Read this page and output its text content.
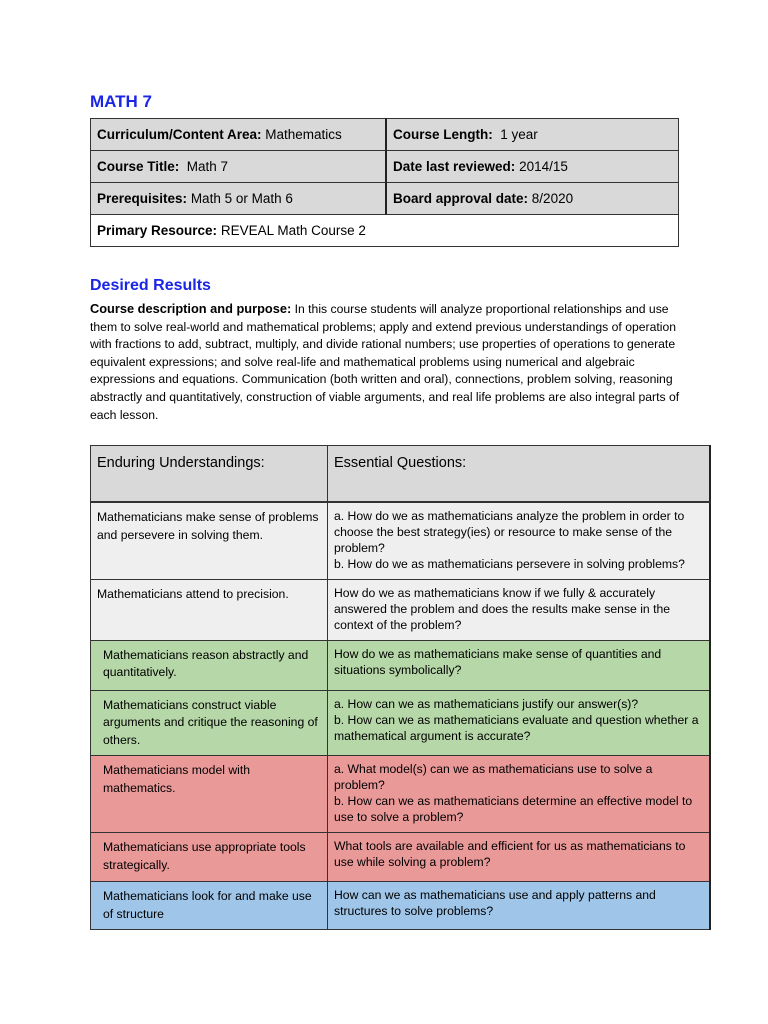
MATH 7
Curriculum/Content Area: Mathematics	Course Length: 1 year
Course Title: Math 7	Date last reviewed: 2014/15
Prerequisites: Math 5 or Math 6	Board approval date: 8/2020
Primary Resource: REVEAL Math Course 2	
Desired Results

Course description and purpose: In this course students will analyze proportional relationships and use them to solve real-world and mathematical problems; apply and extend previous understandings of operation with fractions to add, subtract, multiply, and divide rational numbers; use properties of operations to generate equivalent expressions; and solve real-life and mathematical problems using numerical and algebraic expressions and equations. Communication (both written and oral), connections, problem solving, reasoning abstractly and quantitatively, construction of viable arguments, and real life problems are also integral parts of each lesson.

Enduring Understandings:	Essential Questions:
Mathematicians make sense of problems and persevere in solving them.	a. How do we as mathematicians analyze the problem in order to choose the best strategy(ies) or resource to make sense of the problem?
b. How do we as mathematicians persevere in solving problems?

Mathematicians attend to precision.	How do we as mathematicians know if we fully & accurately answered the problem and does the results make sense in the context of the problem?

Mathematicians reason abstractly and quantitatively.	How do we as mathematicians make sense of quantities and situations symbolically?

Mathematicians construct viable arguments and critique the reasoning of others.	a. How can we as mathematicians justify our answer(s)?
b. How can we as mathematicians evaluate and question whether a mathematical argument is accurate?

Mathematicians model with mathematics.	a. What model(s) can we as mathematicians use to solve a problem?
b. How can we as mathematicians determine an effective model to use to solve a problem?

Mathematicians use appropriate tools strategically.	What tools are available and efficient for us as mathematicians to use while solving a problem?

Mathematicians look for and make use of structure	How can we as mathematicians use and apply patterns and structures to solve problems?
